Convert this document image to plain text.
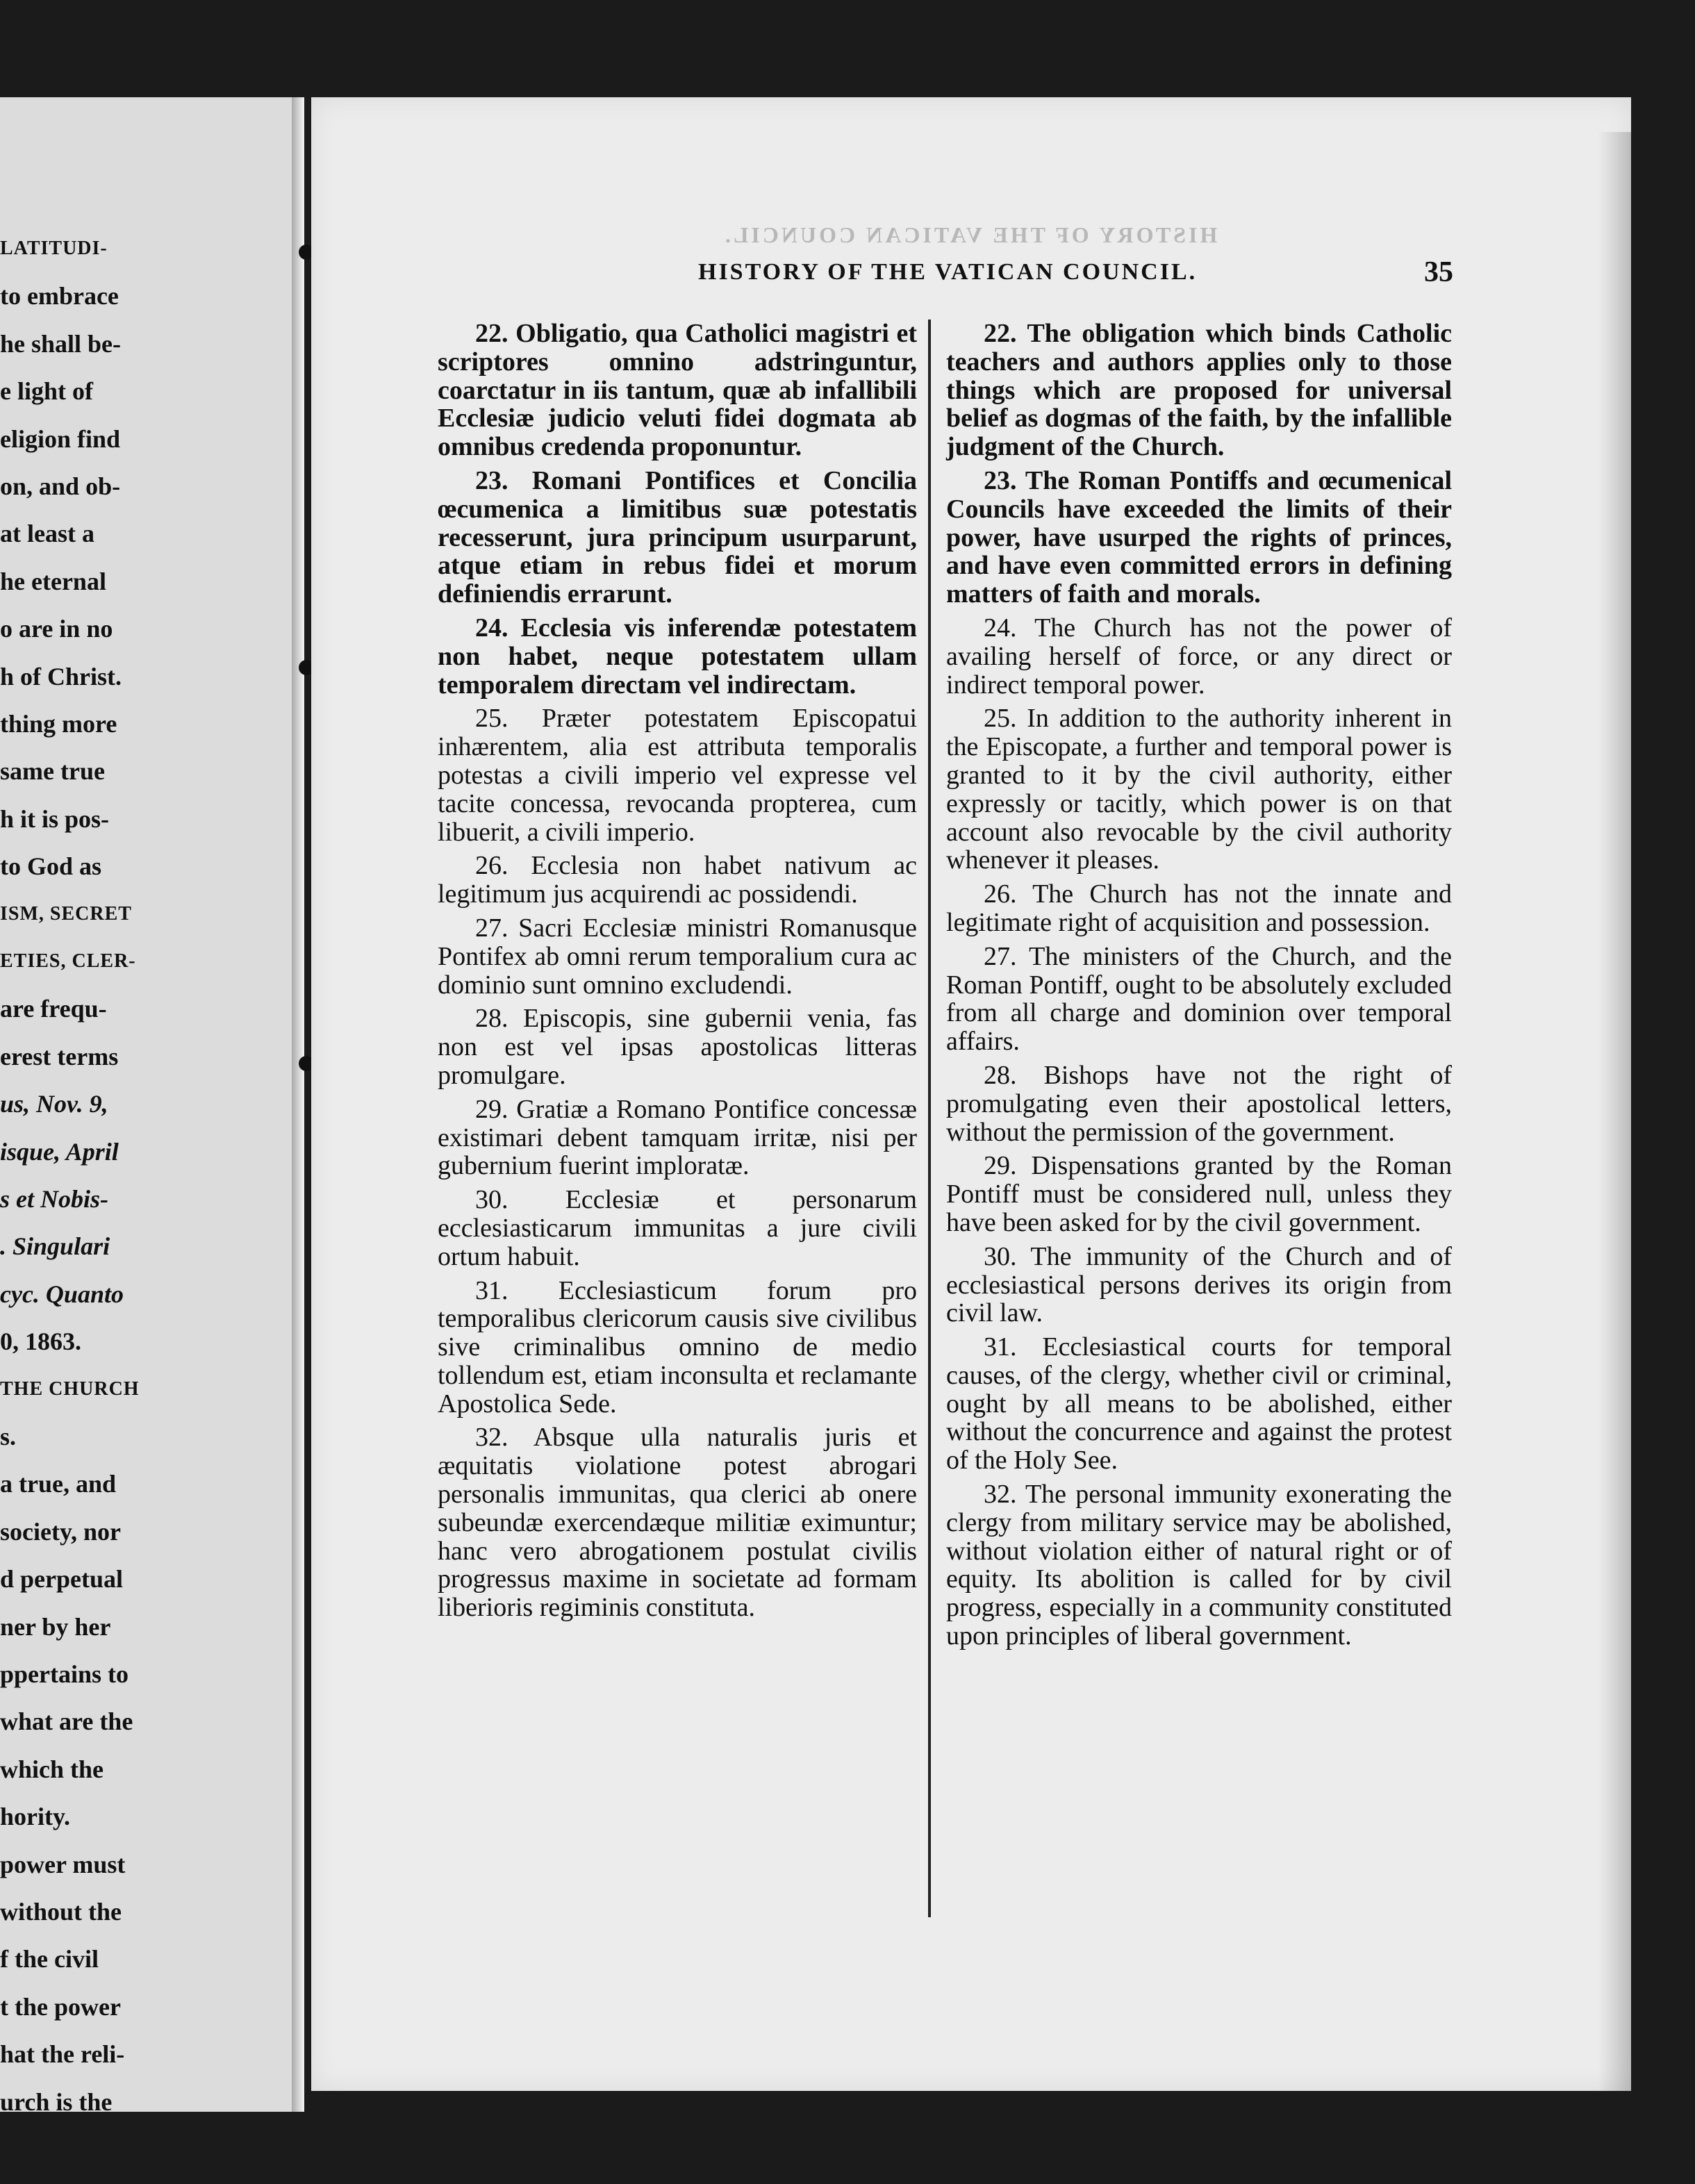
LATITUDI-
to embrace
he shall be-
e light of
eligion find
on, and ob-
at least a
he eternal
o are in no
h of Christ.
thing more
same true
h it is pos-
to God as
ISM, SECRET
ETIES, CLER-
are frequ-
erest terms
us, Nov. 9,
isque, April
s et Nobis-
. Singulari
cyc. Quanto
0, 1863.
THE CHURCH
s.
a true, and
society, nor
d perpetual
ner by her
ppertains to
what are the
which the
hority.
power must
without the
f the civil
t the power
hat the reli-
urch is the
HISTORY OF THE VATICAN COUNCIL.
HISTORY OF THE VATICAN COUNCIL.	35

22. Obligatio, qua Catholici magistri et scriptores omnino adstringuntur, coarctatur in iis tantum, quæ ab infallibili Ecclesiæ judicio veluti fidei dogmata ab omnibus credenda proponuntur.

23. Romani Pontifices et Concilia œcumenica a limitibus suæ potestatis recesserunt, jura principum usurparunt, atque etiam in rebus fidei et morum definiendis errarunt.

24. Ecclesia vis inferendæ potestatem non habet, neque potestatem ullam temporalem directam vel indirectam.

25. Præter potestatem Episcopatui inhærentem, alia est attributa temporalis potestas a civili imperio vel expresse vel tacite concessa, revocanda propterea, cum libuerit, a civili imperio.

26. Ecclesia non habet nativum ac legitimum jus acquirendi ac possidendi.

27. Sacri Ecclesiæ ministri Romanusque Pontifex ab omni rerum temporalium cura ac dominio sunt omnino excludendi.

28. Episcopis, sine gubernii venia, fas non est vel ipsas apostolicas litteras promulgare.

29. Gratiæ a Romano Pontifice concessæ existimari debent tamquam irritæ, nisi per gubernium fuerint imploratæ.

30. Ecclesiæ et personarum ecclesiasticarum immunitas a jure civili ortum habuit.

31. Ecclesiasticum forum pro temporalibus clericorum causis sive civilibus sive criminalibus omnino de medio tollendum est, etiam inconsulta et reclamante Apostolica Sede.

32. Absque ulla naturalis juris et æquitatis violatione potest abrogari personalis immunitas, qua clerici ab onere subeundæ exercendæque militiæ eximuntur; hanc vero abrogationem postulat civilis progressus maxime in societate ad formam liberioris regiminis constituta.

22. The obligation which binds Catholic teachers and authors applies only to those things which are proposed for universal belief as dogmas of the faith, by the infallible judgment of the Church.

23. The Roman Pontiffs and œcumenical Councils have exceeded the limits of their power, have usurped the rights of princes, and have even committed errors in defining matters of faith and morals.

24. The Church has not the power of availing herself of force, or any direct or indirect temporal power.

25. In addition to the authority inherent in the Episcopate, a further and temporal power is granted to it by the civil authority, either expressly or tacitly, which power is on that account also revocable by the civil authority whenever it pleases.

26. The Church has not the innate and legitimate right of acquisition and possession.

27. The ministers of the Church, and the Roman Pontiff, ought to be absolutely excluded from all charge and dominion over temporal affairs.

28. Bishops have not the right of promulgating even their apostolical letters, without the permission of the government.

29. Dispensations granted by the Roman Pontiff must be considered null, unless they have been asked for by the civil government.

30. The immunity of the Church and of ecclesiastical persons derives its origin from civil law.

31. Ecclesiastical courts for temporal causes, of the clergy, whether civil or criminal, ought by all means to be abolished, either without the concurrence and against the protest of the Holy See.

32. The personal immunity exonerating the clergy from military service may be abolished, without violation either of natural right or of equity. Its abolition is called for by civil progress, especially in a community constituted upon principles of liberal government.
